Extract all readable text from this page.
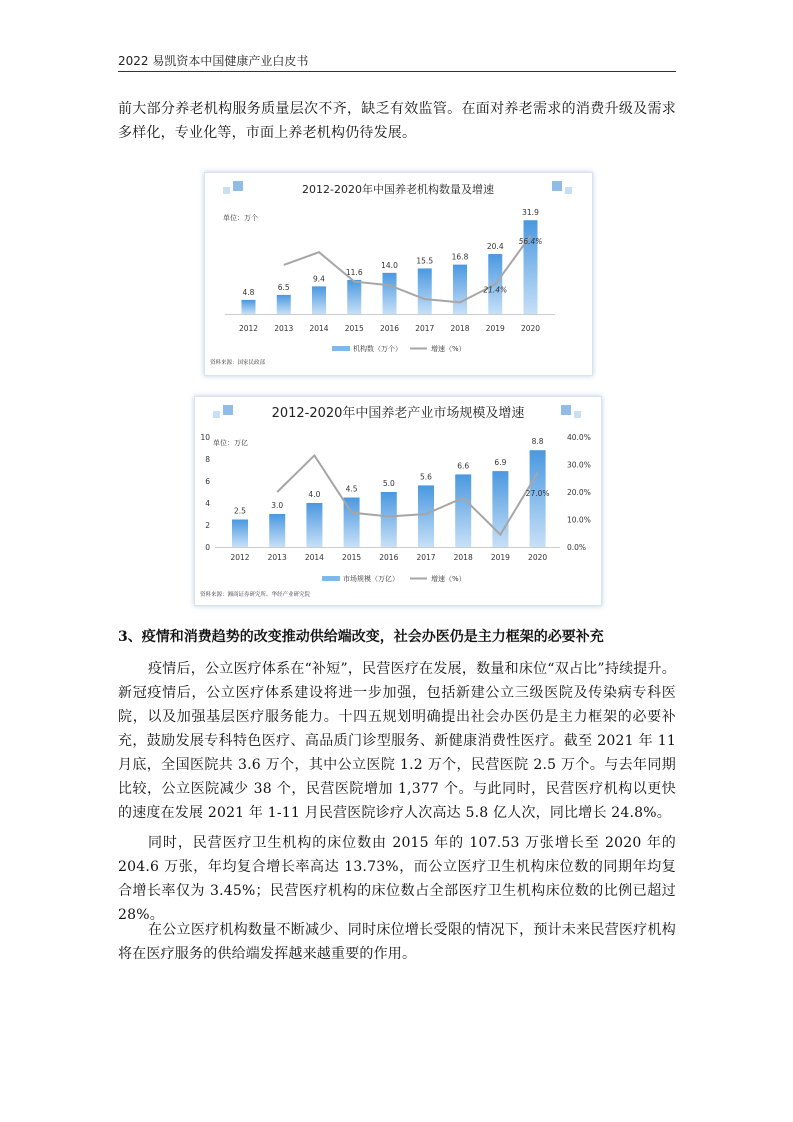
2022 易凯资本中国健康产业白皮书
前大部分养老机构服务质量层次不齐，缺乏有效监管。在面对养老需求的消费升级及需求多样化，专业化等，市面上养老机构仍待发展。
2012-2020年中国养老机构数量及增速
单位：万个
4.8
2012
6.5
2013
9.4
2014
11.6
2015
14.0
2016
15.5
2017
16.8
2018
20.4
2019
31.9
2020
21.4%
56.4%
机构数（万个）	增速（%）
资料来源：国家民政部
2012-2020年中国养老产业市场规模及增速
单位：万亿
0
2
4
6
8
10
0.0%
10.0%
20.0%
30.0%
40.0%
2.5
2012
3.0
2013
4.0
2014
4.5
2015
5.0
2016
5.6
2017
6.6
2018
6.9
2019
8.8
2020
27.0%
市场规模（万亿）	增速（%）
资料来源：湘商证券研究所、华经产业研究院
3、疫情和消费趋势的改变推动供给端改变，社会办医仍是主力框架的必要补充
疫情后，公立医疗体系在“补短”，民营医疗在发展，数量和床位“双占比”持续提升。新冠疫情后，公立医疗体系建设将进一步加强，包括新建公立三级医院及传染病专科医院，以及加强基层医疗服务能力。十四五规划明确提出社会办医仍是主力框架的必要补充，鼓励发展专科特色医疗、高品质门诊型服务、新健康消费性医疗。截至 2021 年 11 月底，全国医院共 3.6 万个，其中公立医院 1.2 万个，民营医院 2.5 万个。与去年同期比较，公立医院减少 38 个，民营医院增加 1,377 个。与此同时，民营医疗机构以更快的速度在发展 2021 年 1-11 月民营医院诊疗人次高达 5.8 亿人次，同比增长 24.8%。
同时，民营医疗卫生机构的床位数由 2015 年的 107.53 万张增长至 2020 年的 204.6 万张，年均复合增长率高达 13.73%，而公立医疗卫生机构床位数的同期年均复合增长率仅为 3.45%；民营医疗机构的床位数占全部医疗卫生机构床位数的比例已超过 28%。
在公立医疗机构数量不断减少、同时床位增长受限的情况下，预计未来民营医疗机构将在医疗服务的供给端发挥越来越重要的作用。
